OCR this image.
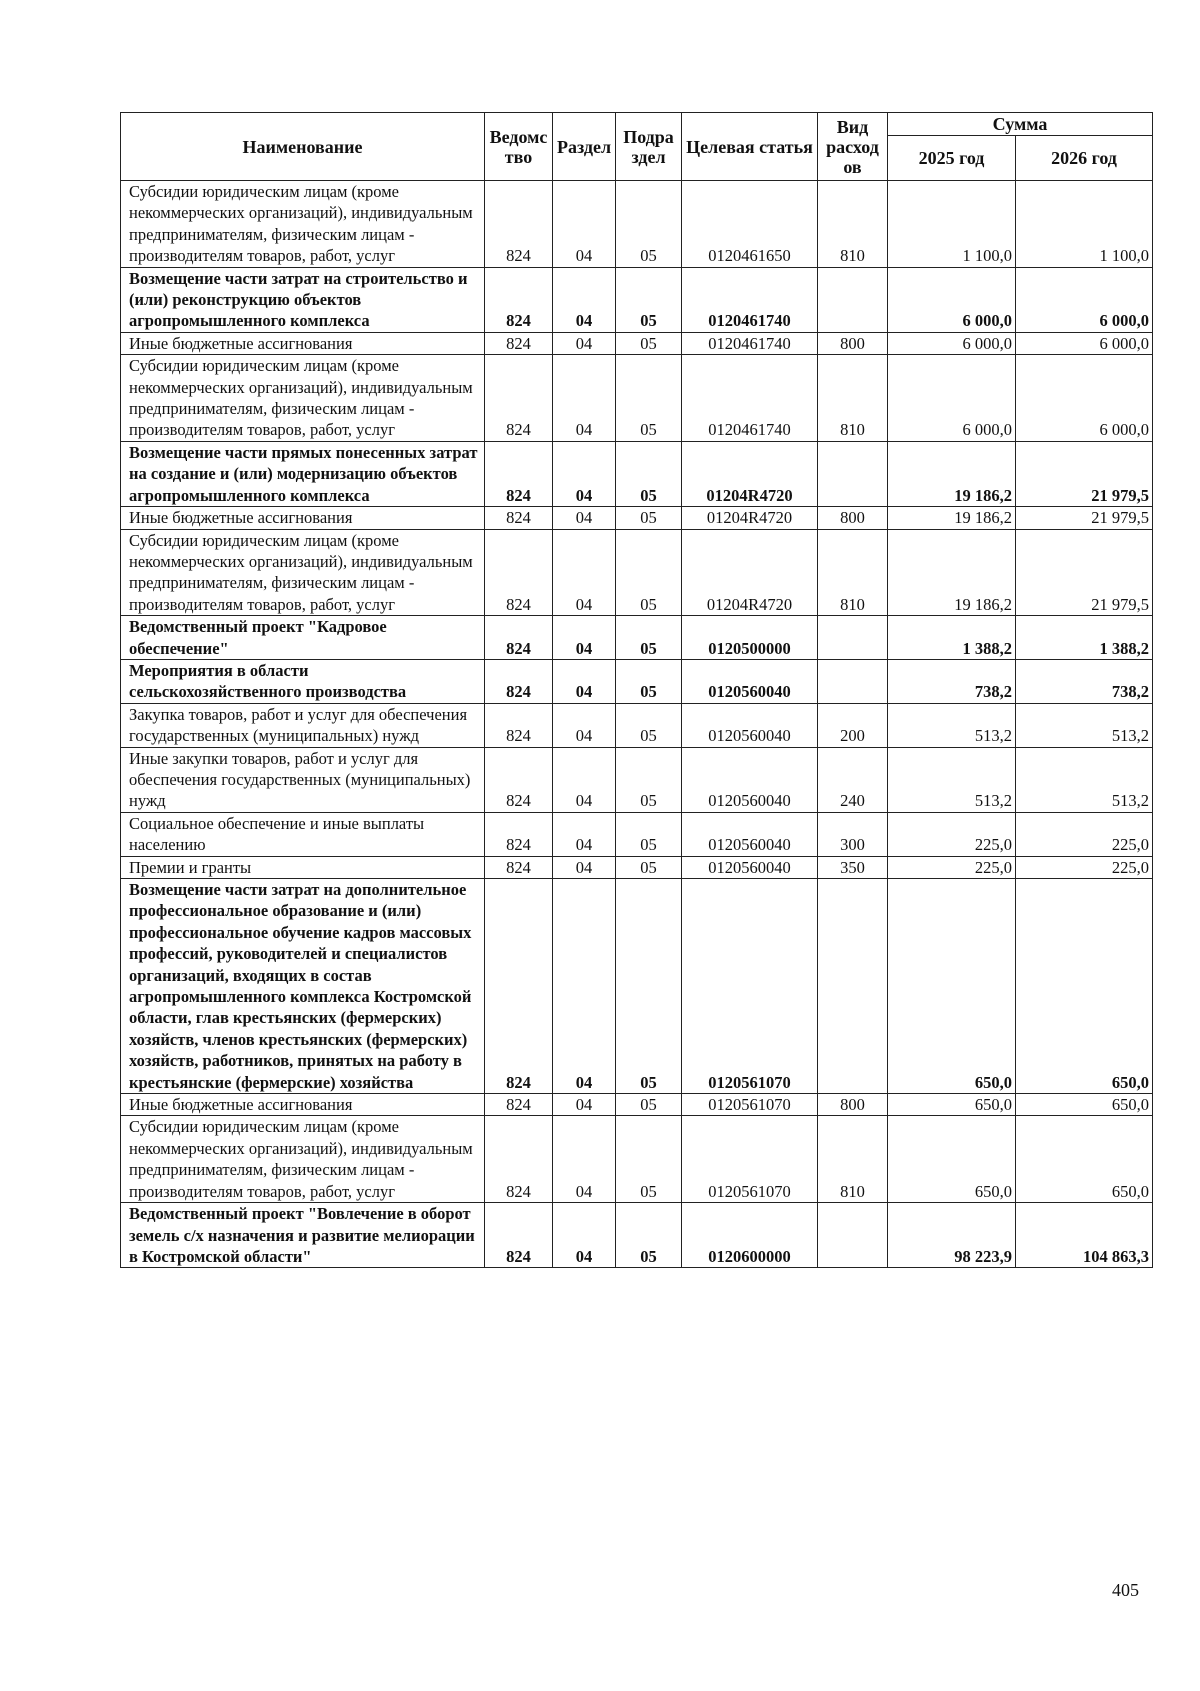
Наименование	Ведомс тво	Раздел	Подра здел	Целевая статья	Вид расход ов	Сумма	
						2025 год	2026 год
Субсидии юридическим лицам (кроме некоммерческих организаций), индивидуальным предпринимателям, физическим лицам - производителям товаров, работ, услуг	824	04	05	0120461650	810	1 100,0	1 100,0
Возмещение части затрат на строительство и (или) реконструкцию объектов агропромышленного комплекса	824	04	05	0120461740		6 000,0	6 000,0
Иные бюджетные ассигнования	824	04	05	0120461740	800	6 000,0	6 000,0
Субсидии юридическим лицам (кроме некоммерческих организаций), индивидуальным предпринимателям, физическим лицам - производителям товаров, работ, услуг	824	04	05	0120461740	810	6 000,0	6 000,0
Возмещение части прямых понесенных затрат на создание и (или) модернизацию объектов агропромышленного комплекса	824	04	05	01204R4720		19 186,2	21 979,5
Иные бюджетные ассигнования	824	04	05	01204R4720	800	19 186,2	21 979,5
Субсидии юридическим лицам (кроме некоммерческих организаций), индивидуальным предпринимателям, физическим лицам - производителям товаров, работ, услуг	824	04	05	01204R4720	810	19 186,2	21 979,5
Ведомственный проект "Кадровое обеспечение"	824	04	05	0120500000		1 388,2	1 388,2
Мероприятия в области сельскохозяйственного производства	824	04	05	0120560040		738,2	738,2
Закупка товаров, работ и услуг для обеспечения государственных (муниципальных) нужд	824	04	05	0120560040	200	513,2	513,2
Иные закупки товаров, работ и услуг для обеспечения государственных (муниципальных) нужд	824	04	05	0120560040	240	513,2	513,2
Социальное обеспечение и иные выплаты населению	824	04	05	0120560040	300	225,0	225,0
Премии и гранты	824	04	05	0120560040	350	225,0	225,0
Возмещение части затрат на дополнительное профессиональное образование и (или) профессиональное обучение кадров массовых профессий, руководителей и специалистов организаций, входящих в состав агропромышленного комплекса Костромской области, глав крестьянских (фермерских) хозяйств, членов крестьянских (фермерских) хозяйств, работников, принятых на работу в крестьянские (фермерские) хозяйства	824	04	05	0120561070		650,0	650,0
Иные бюджетные ассигнования	824	04	05	0120561070	800	650,0	650,0
Субсидии юридическим лицам (кроме некоммерческих организаций), индивидуальным предпринимателям, физическим лицам - производителям товаров, работ, услуг	824	04	05	0120561070	810	650,0	650,0
Ведомственный проект "Вовлечение в оборот земель с/х назначения и развитие мелиорации в Костромской области"	824	04	05	0120600000		98 223,9	104 863,3
405
